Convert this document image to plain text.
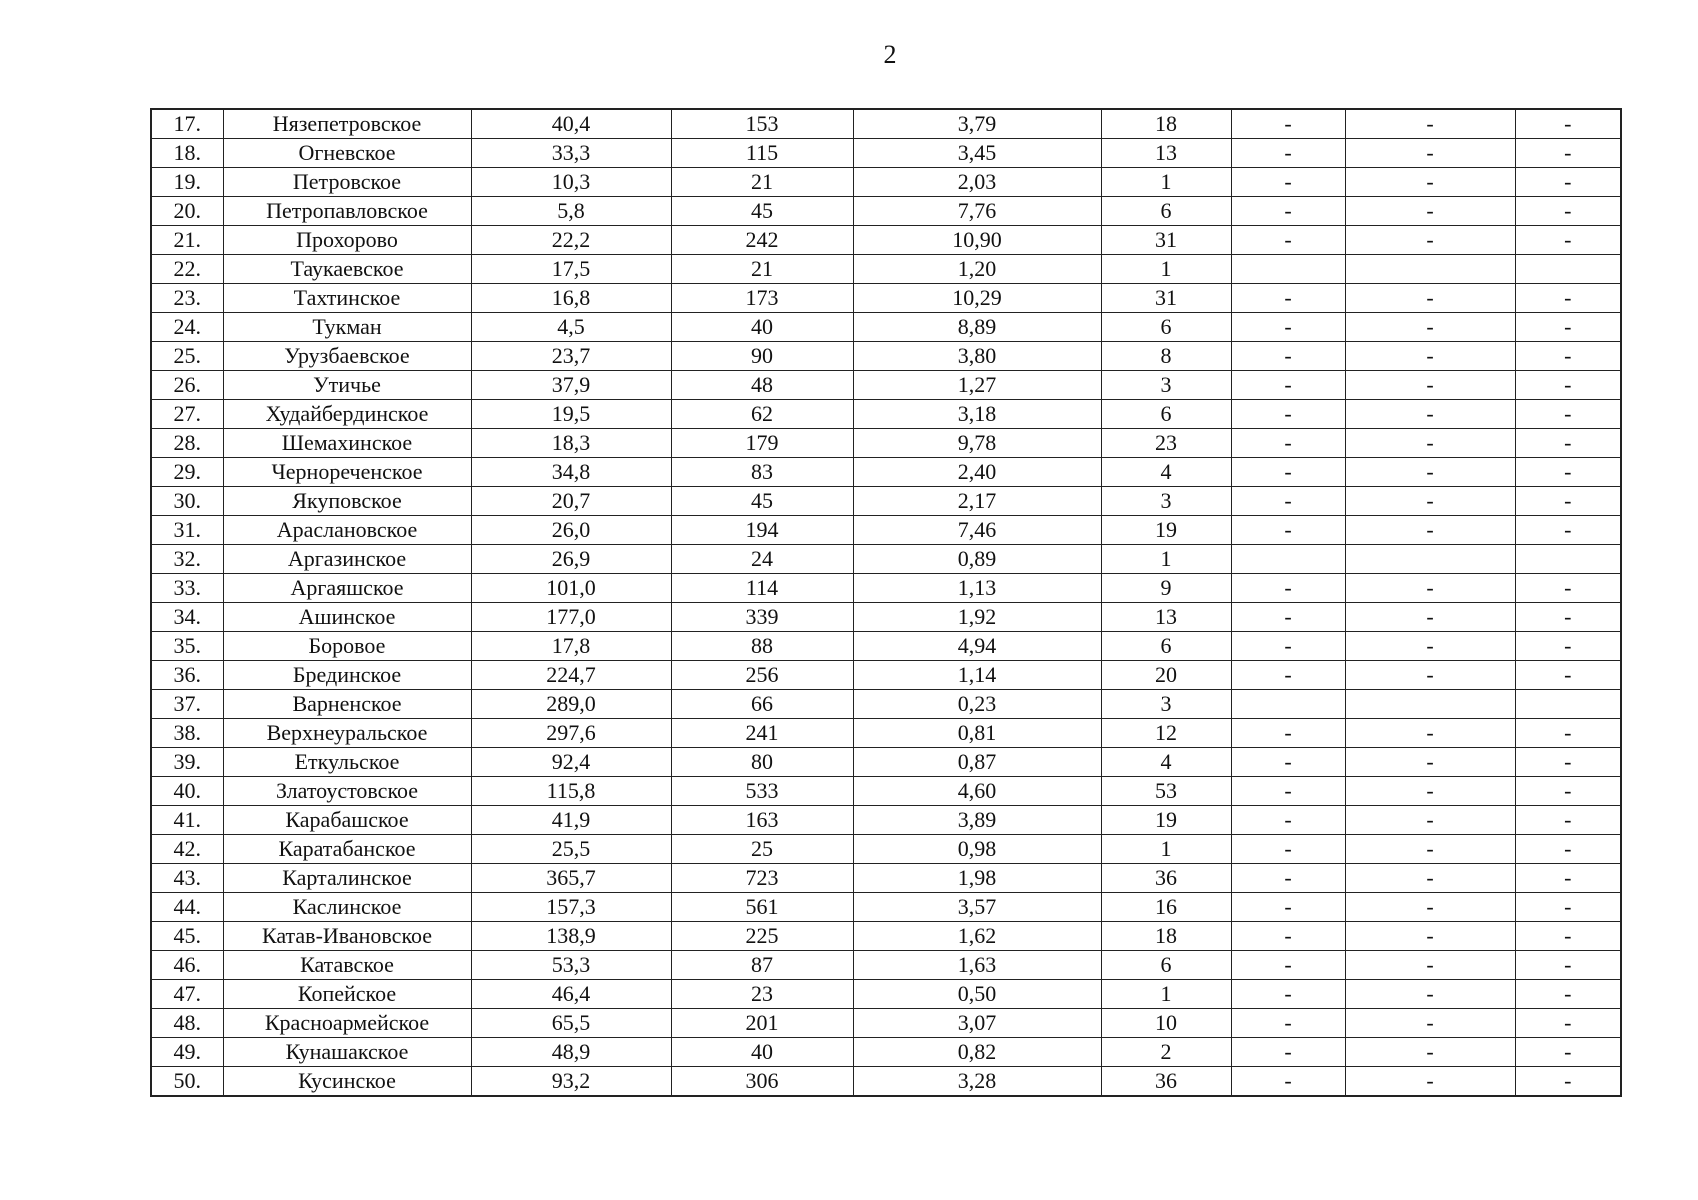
2
17.	Нязепетровское	40,4	153	3,79	18	-	-	-
18.	Огневское	33,3	115	3,45	13	-	-	-
19.	Петровское	10,3	21	2,03	1	-	-	-
20.	Петропавловское	5,8	45	7,76	6	-	-	-
21.	Прохорово	22,2	242	10,90	31	-	-	-
22.	Таукаевское	17,5	21	1,20	1			
23.	Тахтинское	16,8	173	10,29	31	-	-	-
24.	Тукман	4,5	40	8,89	6	-	-	-
25.	Урузбаевское	23,7	90	3,80	8	-	-	-
26.	Утичье	37,9	48	1,27	3	-	-	-
27.	Худайбердинское	19,5	62	3,18	6	-	-	-
28.	Шемахинское	18,3	179	9,78	23	-	-	-
29.	Чернореченское	34,8	83	2,40	4	-	-	-
30.	Якуповское	20,7	45	2,17	3	-	-	-
31.	Араслановское	26,0	194	7,46	19	-	-	-
32.	Аргазинское	26,9	24	0,89	1			
33.	Аргаяшское	101,0	114	1,13	9	-	-	-
34.	Ашинское	177,0	339	1,92	13	-	-	-
35.	Боровое	17,8	88	4,94	6	-	-	-
36.	Брединское	224,7	256	1,14	20	-	-	-
37.	Варненское	289,0	66	0,23	3			
38.	Верхнеуральское	297,6	241	0,81	12	-	-	-
39.	Еткульское	92,4	80	0,87	4	-	-	-
40.	Златоустовское	115,8	533	4,60	53	-	-	-
41.	Карабашское	41,9	163	3,89	19	-	-	-
42.	Каратабанское	25,5	25	0,98	1	-	-	-
43.	Карталинское	365,7	723	1,98	36	-	-	-
44.	Каслинское	157,3	561	3,57	16	-	-	-
45.	Катав-Ивановское	138,9	225	1,62	18	-	-	-
46.	Катавское	53,3	87	1,63	6	-	-	-
47.	Копейское	46,4	23	0,50	1	-	-	-
48.	Красноармейское	65,5	201	3,07	10	-	-	-
49.	Кунашакское	48,9	40	0,82	2	-	-	-
50.	Кусинское	93,2	306	3,28	36	-	-	-
